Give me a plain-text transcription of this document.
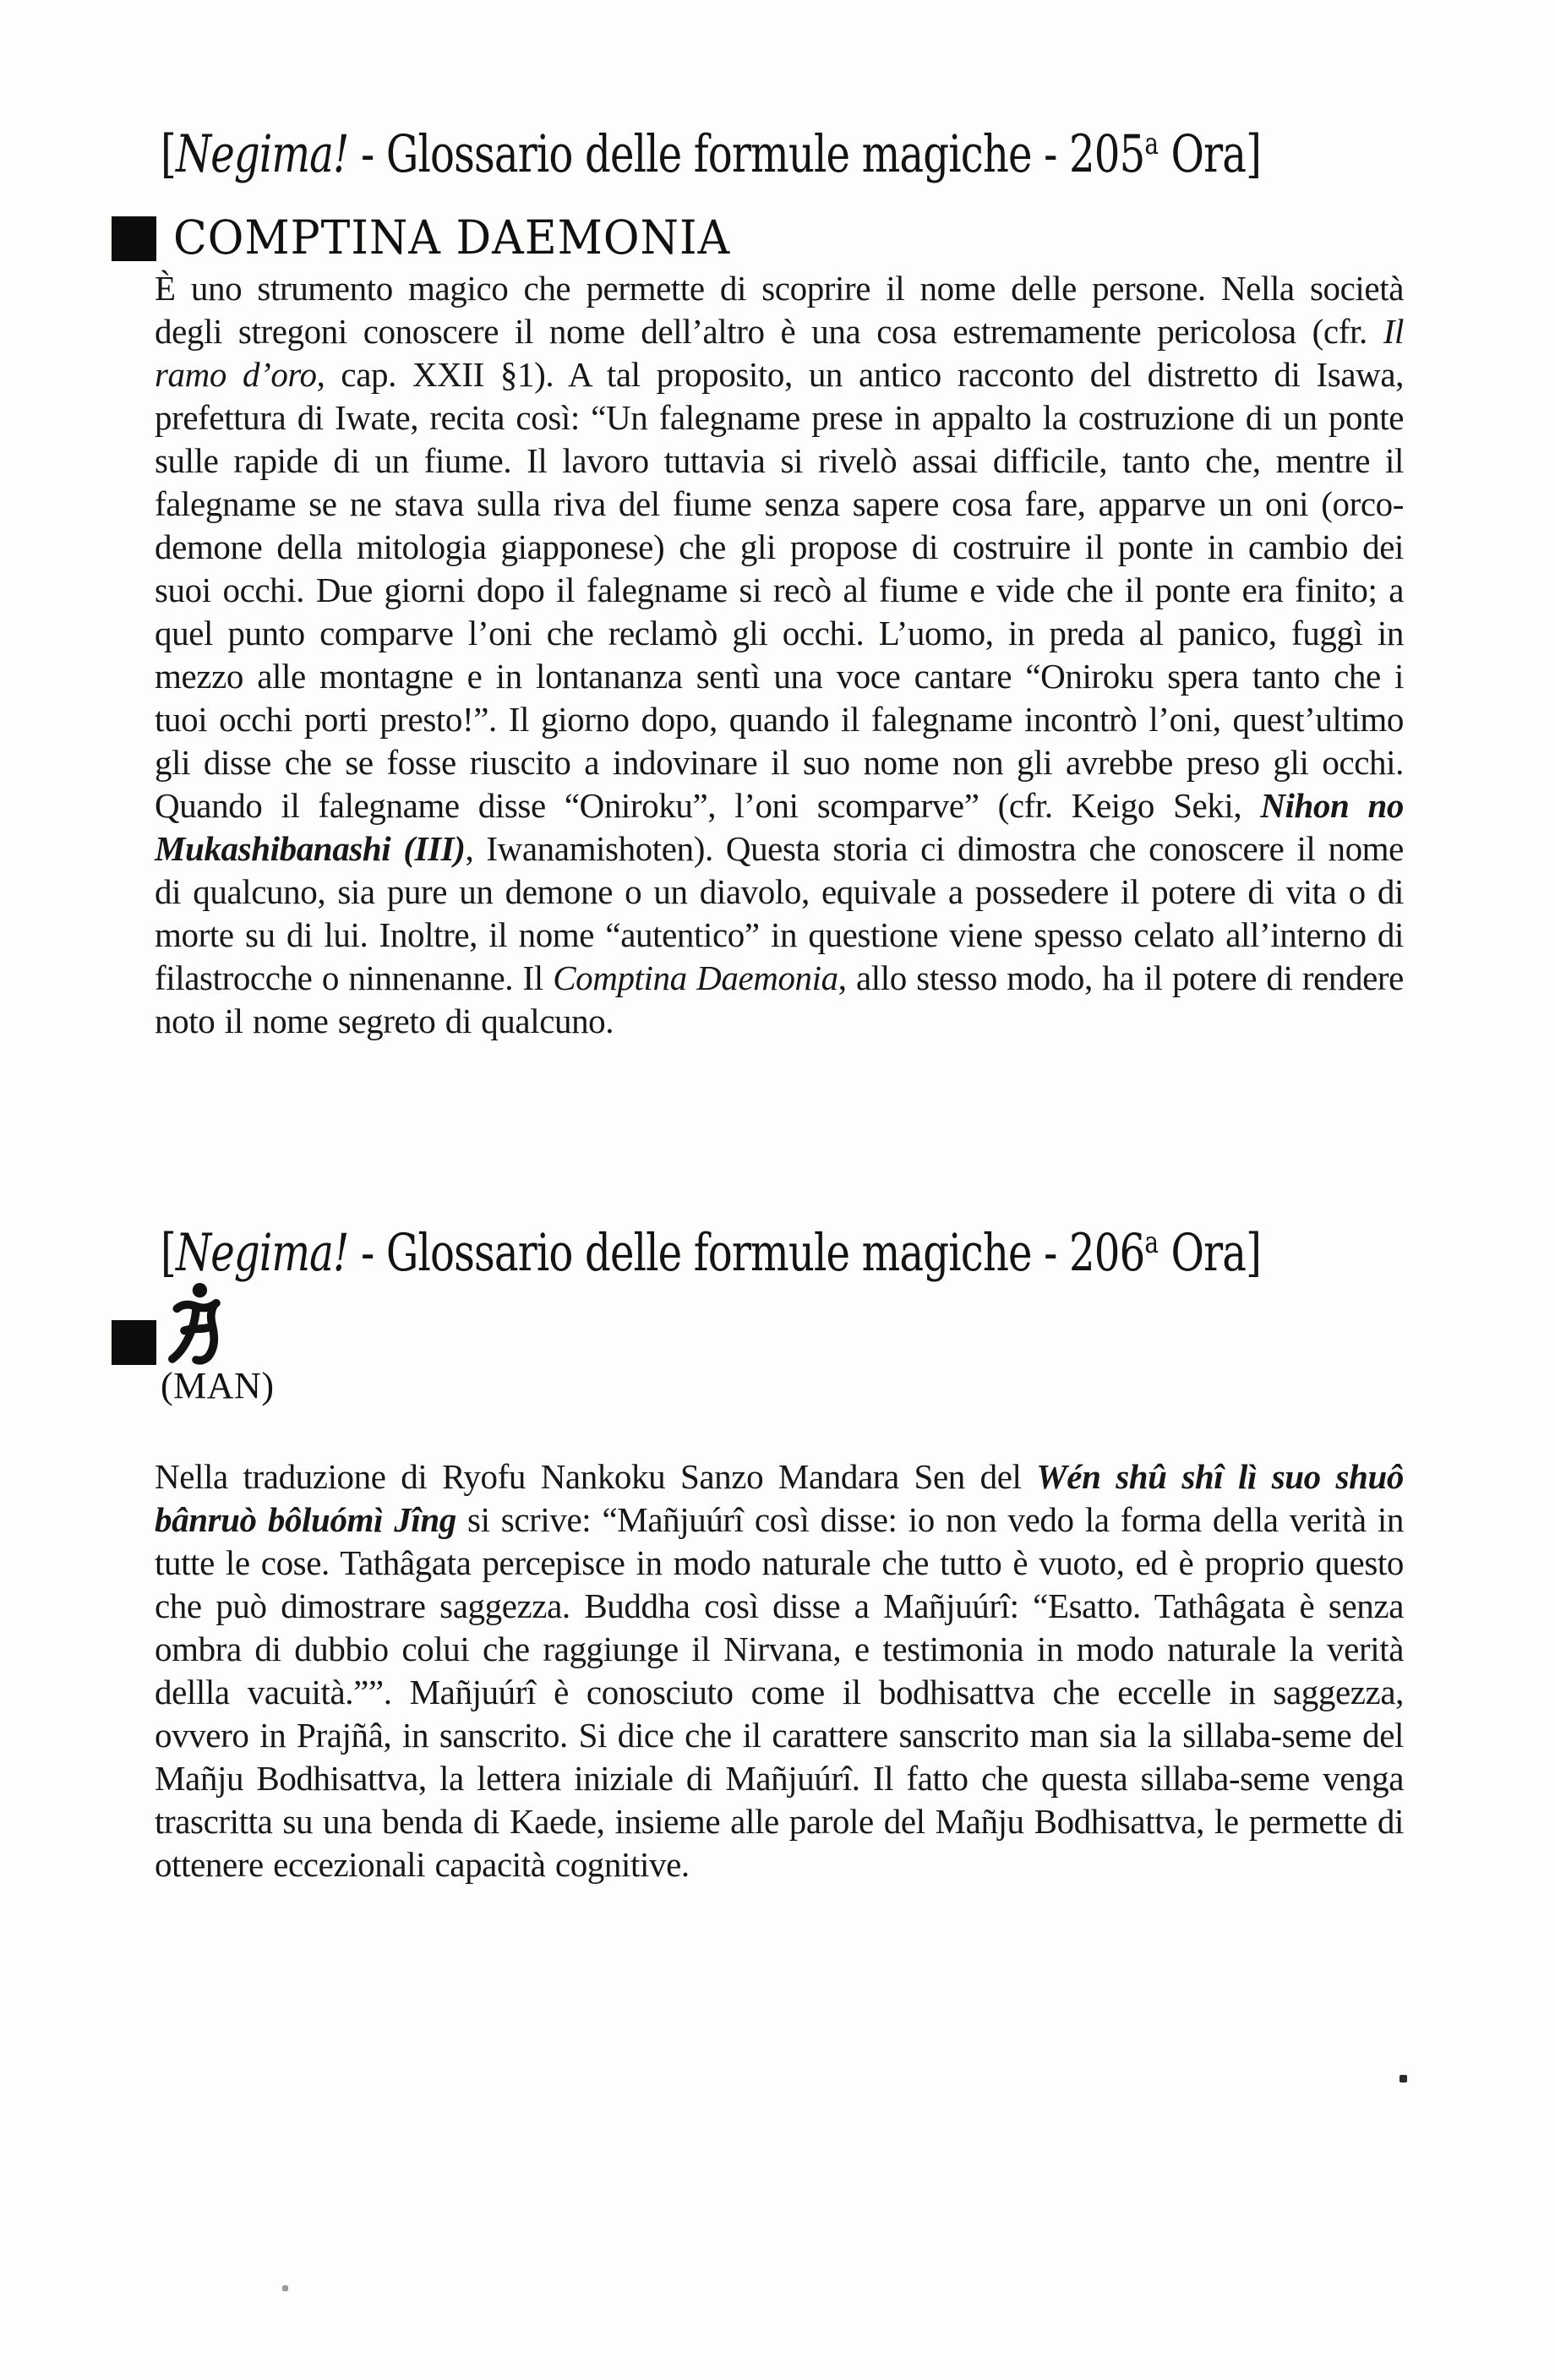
[Negima! - Glossario delle formule magiche - 205$^a$ Ora]
COMPTINA DAEMONIA

È uno strumento magico che permette di scoprire il nome delle persone. Nella società degli stregoni conoscere il nome dell’altro è una cosa estremamente pericolosa (cfr. Il ramo d’oro, cap. XXII §1). A tal proposito, un antico racconto del distretto di Isawa, prefettura di Iwate, recita così: “Un falegname prese in appalto la costruzione di un ponte sulle rapide di un fiume. Il lavoro tuttavia si rivelò assai difficile, tanto che, mentre il falegname se ne stava sulla riva del fiume senza sapere cosa fare, apparve un oni (orco-demone della mitologia giapponese) che gli propose di costruire il ponte in cambio dei suoi occhi. Due giorni dopo il falegname si recò al fiume e vide che il ponte era finito; a quel punto comparve l’oni che reclamò gli occhi. L’uomo, in preda al panico, fuggì in mezzo alle montagne e in lontananza sentì una voce cantare “Oniroku spera tanto che i tuoi occhi porti presto!”. Il giorno dopo, quando il falegname incontrò l’oni, quest’ultimo gli disse che se fosse riuscito a indovinare il suo nome non gli avrebbe preso gli occhi. Quando il falegname disse “Oniroku”, l’oni scomparve” (cfr. Keigo Seki, Nihon no Mukashibanashi (III), Iwanamishoten). Questa storia ci dimostra che conoscere il nome di qualcuno, sia pure un demone o un diavolo, equivale a possedere il potere di vita o di morte su di lui. Inoltre, il nome “autentico” in questione viene spesso celato all’interno di filastrocche o ninnenanne. Il Comptina Daemonia, allo stesso modo, ha il potere di rendere noto il nome segreto di qualcuno.

[Negima! - Glossario delle formule magiche - 206$^a$ Ora]
(MAN)

Nella traduzione di Ryofu Nankoku Sanzo Mandara Sen del Wén shû shî lì suo shuô bânruò bôluómì Jîng si scrive: “Mañjuúrî così disse: io non vedo la forma della verità in tutte le cose. Tathâgata percepisce in modo naturale che tutto è vuoto, ed è proprio questo che può dimostrare saggezza. Buddha così disse a Mañjuúrî: “Esatto. Tathâgata è senza ombra di dubbio colui che raggiunge il Nirvana, e testimonia in modo naturale la verità dellla vacuità.””. Mañjuúrî è conosciuto come il bodhisattva che eccelle in saggezza, ovvero in Prajñâ, in sanscrito. Si dice che il carattere sanscrito man sia la sillaba-seme del Mañju Bodhisattva, la lettera iniziale di Mañjuúrî. Il fatto che questa sillaba-seme venga trascritta su una benda di Kaede, insieme alle parole del Mañju Bodhisattva, le permette di ottenere eccezionali capacità cognitive.
